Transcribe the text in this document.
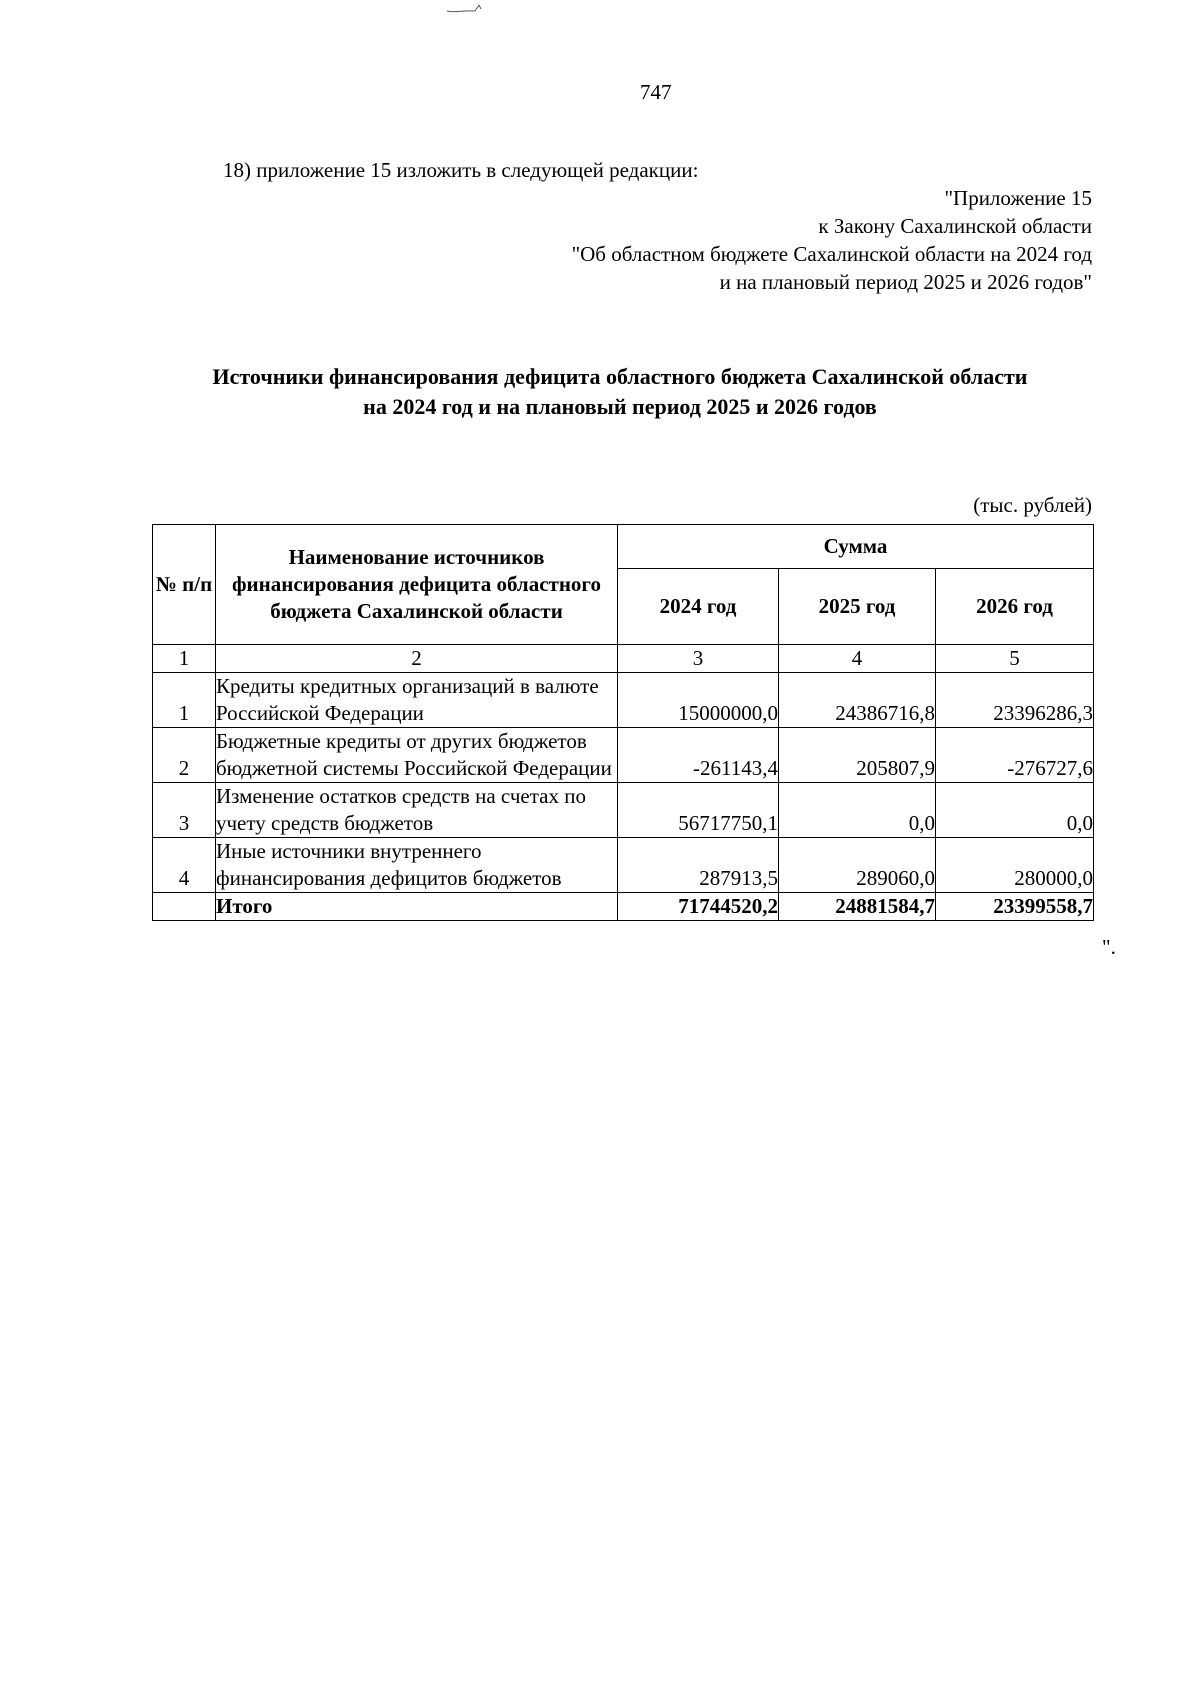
747
18) приложение 15 изложить в следующей редакции:
"Приложение 15
к Закону Сахалинской области
"Об областном бюджете Сахалинской области на 2024 год
и на плановый период 2025 и 2026 годов"
Источники финансирования дефицита областного бюджета Сахалинской области
на 2024 год и на плановый период 2025 и 2026 годов
(тыс. рублей)
№ п/п	Наименование источников финансирования дефицита областного бюджета Сахалинской области	Сумма		
		2024 год	2025 год	2026 год
1	2	3	4	5
1	Кредиты кредитных организаций в валюте Российской Федерации	15000000,0	24386716,8	23396286,3
2	Бюджетные кредиты от других бюджетов бюджетной системы Российской Федерации	-261143,4	205807,9	-276727,6
3	Изменение остатков средств на счетах по учету средств бюджетов	56717750,1	0,0	0,0
4	Иные источники внутреннего финансирования дефицитов бюджетов	287913,5	289060,0	280000,0
	Итого	71744520,2	24881584,7	23399558,7
".
